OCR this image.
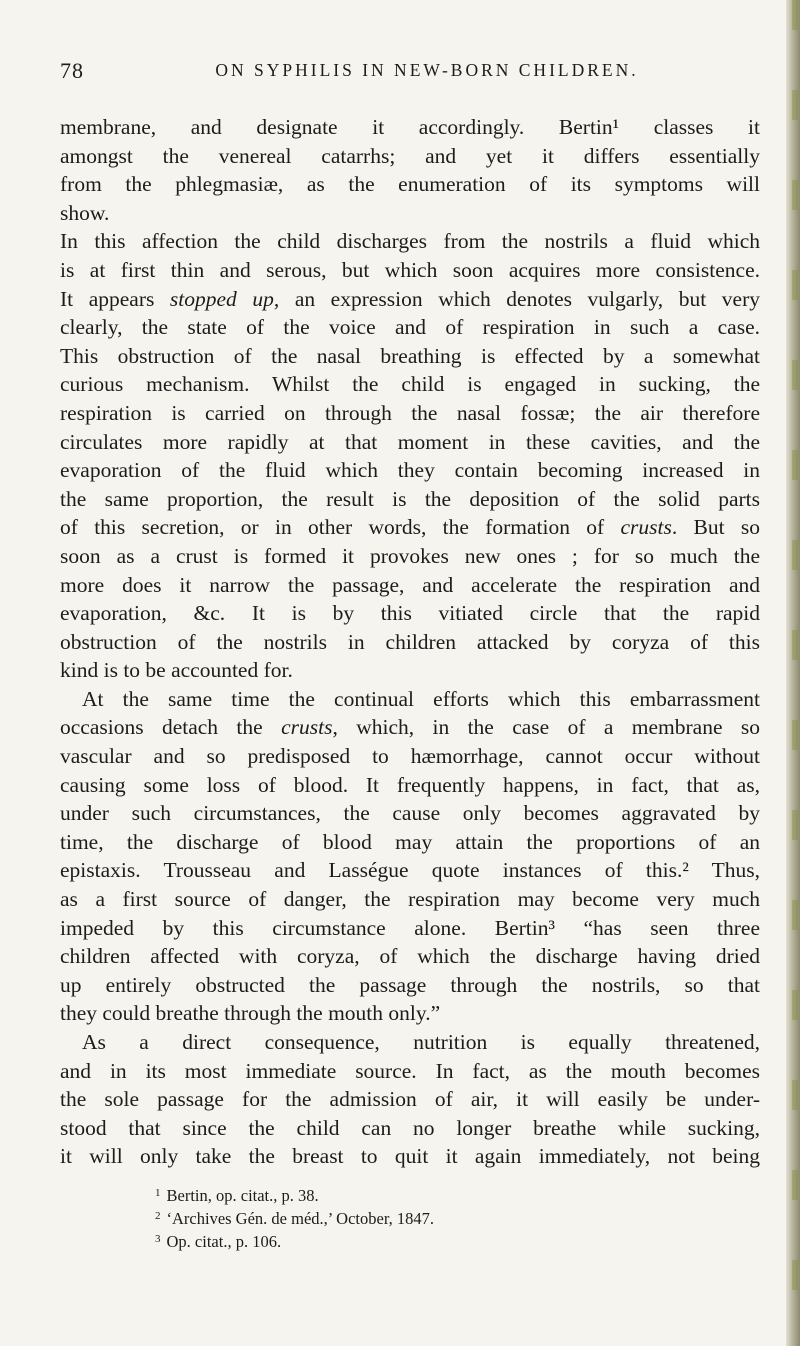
78	ON SYPHILIS IN NEW-BORN CHILDREN.
membrane, and designate it accordingly. Bertin¹ classes it
amongst the venereal catarrhs; and yet it differs essentially
from the phlegmasiæ, as the enumeration of its symptoms will
show.
In this affection the child discharges from the nostrils a fluid which
is at first thin and serous, but which soon acquires more consistence.
It appears stopped up, an expression which denotes vulgarly, but very
clearly, the state of the voice and of respiration in such a case.
This obstruction of the nasal breathing is effected by a somewhat
curious mechanism. Whilst the child is engaged in sucking, the
respiration is carried on through the nasal fossæ; the air therefore
circulates more rapidly at that moment in these cavities, and the
evaporation of the fluid which they contain becoming increased in
the same proportion, the result is the deposition of the solid parts
of this secretion, or in other words, the formation of crusts. But so
soon as a crust is formed it provokes new ones ; for so much the
more does it narrow the passage, and accelerate the respiration and
evaporation, &c. It is by this vitiated circle that the rapid
obstruction of the nostrils in children attacked by coryza of this
kind is to be accounted for.
At the same time the continual efforts which this embarrassment
occasions detach the crusts, which, in the case of a membrane so
vascular and so predisposed to hæmorrhage, cannot occur without
causing some loss of blood. It frequently happens, in fact, that as,
under such circumstances, the cause only becomes aggravated by
time, the discharge of blood may attain the proportions of an
epistaxis. Trousseau and Lasségue quote instances of this.² Thus,
as a first source of danger, the respiration may become very much
impeded by this circumstance alone. Bertin³ “has seen three
children affected with coryza, of which the discharge having dried
up entirely obstructed the passage through the nostrils, so that
they could breathe through the mouth only.”
As a direct consequence, nutrition is equally threatened,
and in its most immediate source. In fact, as the mouth becomes
the sole passage for the admission of air, it will easily be under-
stood that since the child can no longer breathe while sucking,
it will only take the breast to quit it again immediately, not being
$^1$ Bertin, op. citat., p. 38.
$^2$ ‘Archives Gén. de méd.,’ October, 1847.
$^3$ Op. citat., p. 106.
